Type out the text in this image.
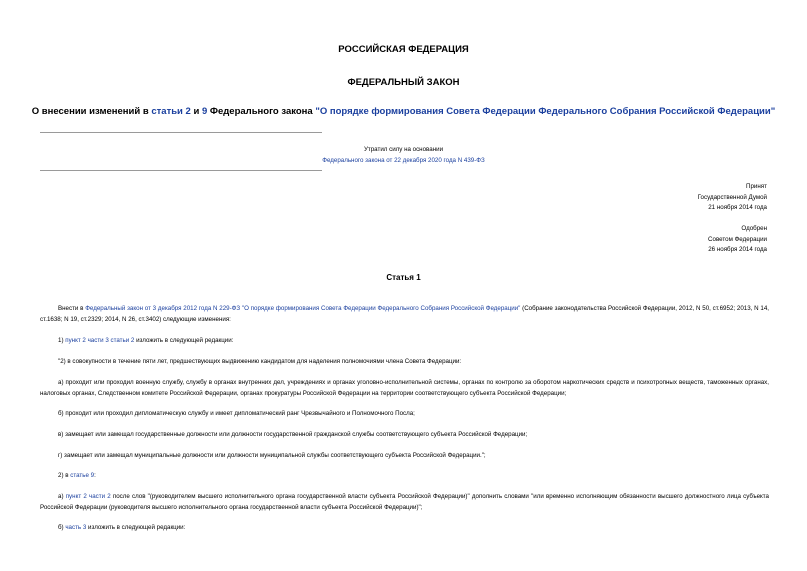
РОССИЙСКАЯ ФЕДЕРАЦИЯ
ФЕДЕРАЛЬНЫЙ ЗАКОН
О внесении изменений в статьи 2 и 9 Федерального закона "О порядке формирования Совета Федерации Федерального Собрания Российской Федерации"
Утратил силу на основании
Федерального закона от 22 декабря 2020 года N 439-ФЗ
Принят
Государственной Думой
21 ноября 2014 года
Одобрен
Советом Федерации
26 ноября 2014 года
Статья 1
Внести в Федеральный закон от 3 декабря 2012 года N 229-ФЗ "О порядке формирования Совета Федерации Федерального Собрания Российской Федерации" (Собрание законодательства Российской Федерации, 2012, N 50, ст.6952; 2013, N 14, ст.1638; N 19, ст.2329; 2014, N 26, ст.3402) следующие изменения:
1) пункт 2 части 3 статьи 2 изложить в следующей редакции:
"2) в совокупности в течение пяти лет, предшествующих выдвижению кандидатом для наделения полномочиями члена Совета Федерации:
а) проходит или проходил военную службу, службу в органах внутренних дел, учреждениях и органах уголовно-исполнительной системы, органах по контролю за оборотом наркотических средств и психотропных веществ, таможенных органах, налоговых органах, Следственном комитете Российской Федерации, органах прокуратуры Российской Федерации на территории соответствующего субъекта Российской Федерации;
б) проходит или проходил дипломатическую службу и имеет дипломатический ранг Чрезвычайного и Полномочного Посла;
в) замещает или замещал государственные должности или должности государственной гражданской службы соответствующего субъекта Российской Федерации;
г) замещает или замещал муниципальные должности или должности муниципальной службы соответствующего субъекта Российской Федерации.";
2) в статье 9:
а) пункт 2 части 2 после слов "(руководителем высшего исполнительного органа государственной власти субъекта Российской Федерации)" дополнить словами "или временно исполняющим обязанности высшего должностного лица субъекта Российской Федерации (руководителя высшего исполнительного органа государственной власти субъекта Российской Федерации)";
б) часть 3 изложить в следующей редакции:
